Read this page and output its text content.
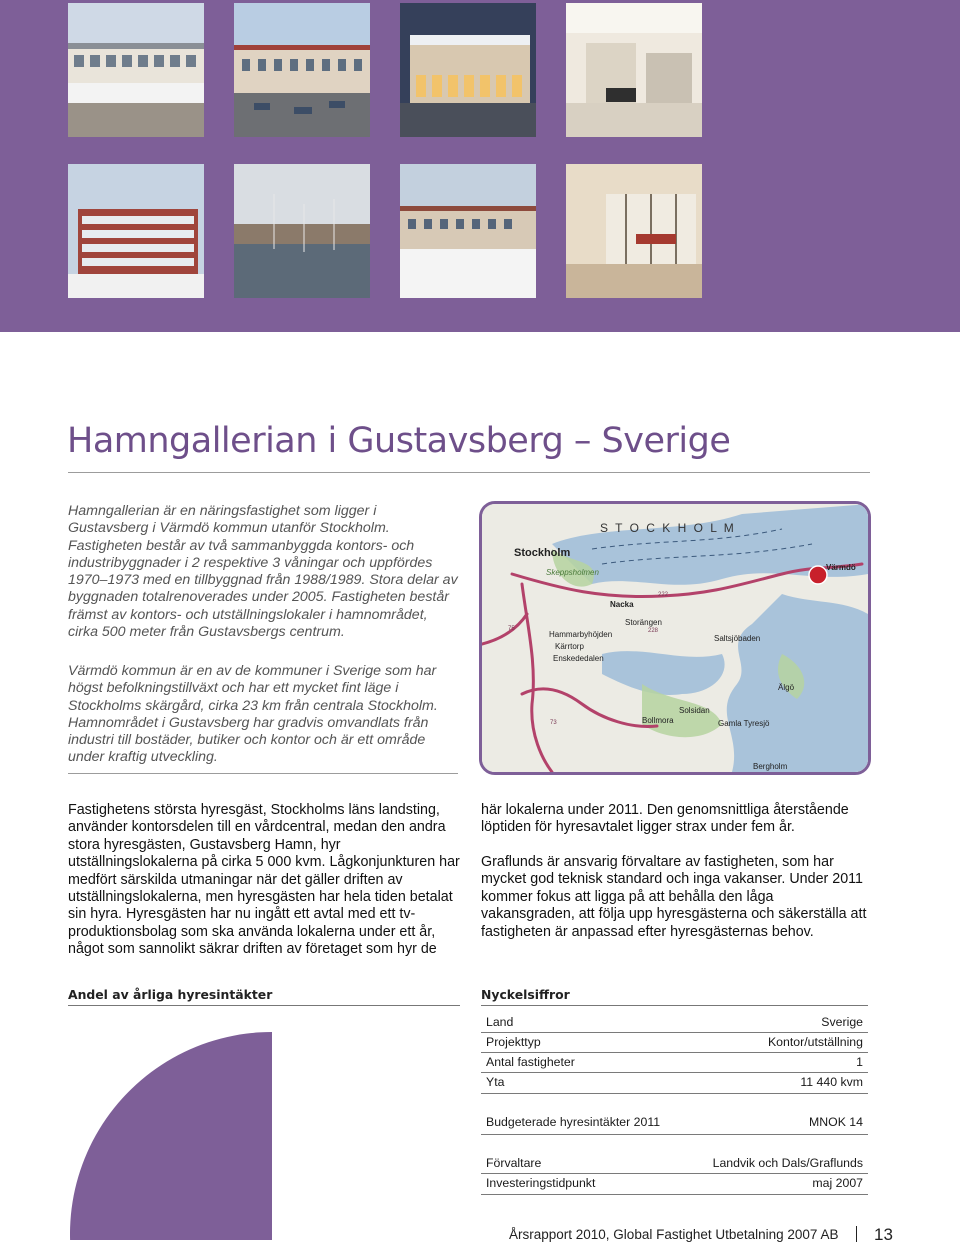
Hamngallerian i Gustavsberg – Sverige

Hamngallerian är en näringsfastighet som ligger i Gustavsberg i Värmdö kommun utanför Stockholm. Fastigheten består av två sammanbyggda kontors- och industribyggnader i 2 respektive 3 våningar och uppfördes 1970–1973 med en tillbyggnad från 1988/1989. Stora delar av byggnaden totalrenoverades under 2005. Fastigheten består främst av kontors- och utställningslokaler i hamnområdet, cirka 500 meter från Gustavsbergs centrum.

Värmdö kommun är en av de kommuner i Sverige som har högst befolkningstillväxt och har ett mycket fint läge i Stockholms skärgård, cirka 23 km från centrala Stockholm. Hamnområdet i Gustavsberg har gradvis omvandlats från industri till bostäder, butiker och kontor och är ett område under kraftig utveckling.

S T O C K H O L M
Stockholm
Skeppsholmen
Nacka
Storängen
Hammarbyhöjden
Kärrtorp
Enskededalen
Saltsjöbaden
Värmdö
Älgö
Solsidan
Bollmora	Gamla Tyresjö
Bergholm
222
228
73
75

Fastighetens största hyresgäst, Stockholms läns landsting, använder kontorsdelen till en vårdcentral, medan den andra stora hyresgästen, Gustavsberg Hamn, hyr utställningslokalerna på cirka 5 000 kvm. Lågkonjunkturen har medfört särskilda utmaningar när det gäller driften av utställningslokalerna, men hyresgästen har hela tiden betalat sin hyra. Hyresgästen har nu ingått ett avtal med ett tv-produktionsbolag som ska använda lokalerna under ett år, något som sannolikt säkrar driften av företaget som hyr de

här lokalerna under 2011. Den genomsnittliga återstående löptiden för hyresavtalet ligger strax under fem år.

Graflunds är ansvarig förvaltare av fastigheten, som har mycket god teknisk standard och inga vakanser. Under 2011 kommer fokus att ligga på att behålla den låga vakansgraden, att följa upp hyresgästerna och säkerställa att fastigheten är anpassad efter hyresgästernas behov.

Andel av årliga hyresintäkter
2 %
Nyckelsiffror
Land	Sverige
Projekttyp	Kontor/utställning
Antal fastigheter	1
Yta	11 440 kvm
Budgeterade hyresintäkter 2011	MNOK 14
Förvaltare	Landvik och Dals/Graflunds
Investeringstidpunkt	maj 2007
Årsrapport 2010, Global Fastighet Utbetalning 2007 AB 13
